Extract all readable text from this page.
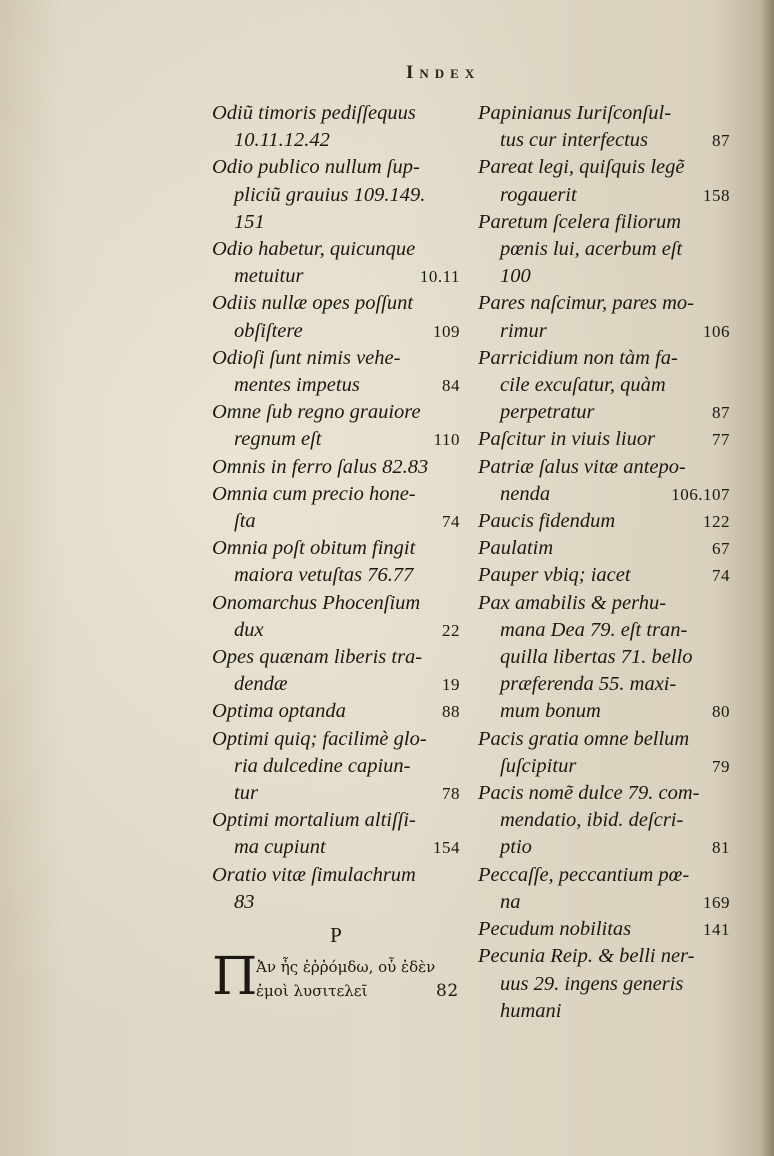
Index
Odiũ timoris pediſſequus
10.11.12.42
Odio publico nullum ſup-
pliciũ grauius 109.149.
151
Odio habetur, quicunque
metuitur	10.11
Odiis nullæ opes poſſunt
obſiſtere	109
Odioſi ſunt nimis vehe-
mentes impetus	84
Omne ſub regno grauiore
regnum eſt	110
Omnis in ferro ſalus 82.83
Omnia cum precio hone-
ſta	74
Omnia poſt obitum fingit
maiora vetuſtas 76.77
Onomarchus Phocenſium
dux	22
Opes quænam liberis tra-
dendæ	19
Optima optanda	88
Optimi quiq; facilimè glo-
ria dulcedine capiun-
tur	78
Optimi mortalium altiſſi-
ma cupiunt	154
Oratio vitæ ſimulachrum
83
P
Π
Ἀν ἦς ἐῤῥόμδω, οὖ ἐδὲν
ἐμοὶ λυσιτελεῖ	82
Papinianus Iuriſconſul-
tus cur interfectus	87
Pareat legi, quiſquis legẽ
rogauerit	158
Paretum ſcelera filiorum
pœnis lui, acerbum eſt
100
Pares naſcimur, pares mo-
rimur	106
Parricidium non tàm fa-
cile excuſatur, quàm
perpetratur	87
Paſcitur in viuis liuor	77
Patriæ ſalus vitæ antepo-
nenda	106.107
Paucis fidendum	122
Paulatim	67
Pauper vbiq; iacet	74
Pax amabilis & perhu-
mana Dea 79. eſt tran-
quilla libertas 71. bello
præferenda 55. maxi-
mum bonum	80
Pacis gratia omne bellum
ſuſcipitur	79
Pacis nomẽ dulce 79. com-
mendatio, ibid. deſcri-
ptio	81
Peccaſſe, peccantium pœ-
na	169
Pecudum nobilitas	141
Pecunia Reip. & belli ner-
uus 29. ingens generis
humani
